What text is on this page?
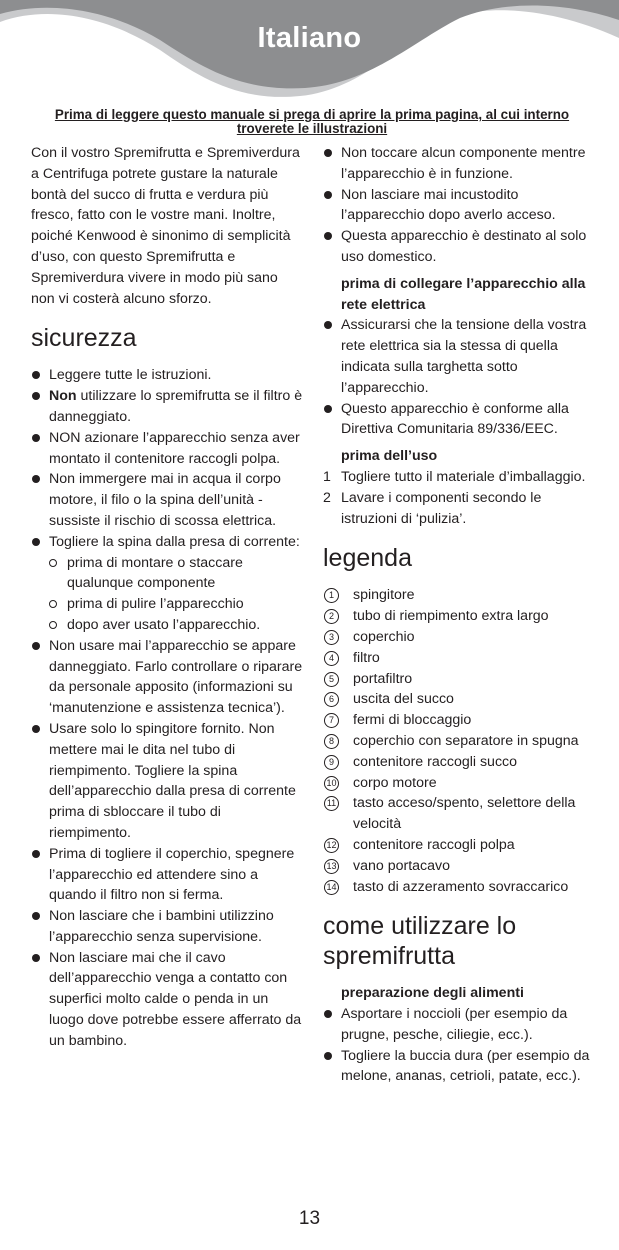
Italiano
Prima di leggere questo manuale si prega di aprire la prima pagina, al cui interno troverete le illustrazioni

Con il vostro Spremifrutta e Spremiverdura a Centrifuga potrete gustare la naturale bontà del succo di frutta e verdura più fresco, fatto con le vostre mani. Inoltre, poiché Kenwood è sinonimo di semplicità d’uso, con questo Spremifrutta e Spremiverdura vivere in modo più sano non vi costerà alcuno sforzo.

sicurezza
Leggere tutte le istruzioni.
Non utilizzare lo spremifrutta se il filtro è danneggiato.
NON azionare l’apparecchio senza aver montato il contenitore raccogli polpa.
Non immergere mai in acqua il corpo motore, il filo o la spina dell’unità - sussiste il rischio di scossa elettrica.
Togliere la spina dalla presa di corrente:
prima di montare o staccare qualunque componente
prima di pulire l’apparecchio
dopo aver usato l’apparecchio.
Non usare mai l’apparecchio se appare danneggiato. Farlo controllare o riparare da personale apposito (informazioni su ‘manutenzione e assistenza tecnica’).
Usare solo lo spingitore fornito. Non mettere mai le dita nel tubo di riempimento. Togliere la spina dell’apparecchio dalla presa di corrente prima di sbloccare il tubo di riempimento.
Prima di togliere il coperchio, spegnere l’apparecchio ed attendere sino a quando il filtro non si ferma.
Non lasciare che i bambini utilizzino l’apparecchio senza supervisione.
Non lasciare mai che il cavo dell’apparecchio venga a contatto con superfici molto calde o penda in un luogo dove potrebbe essere afferrato da un bambino.
Non toccare alcun componente mentre l’apparecchio è in funzione.
Non lasciare mai incustodito l’apparecchio dopo averlo acceso.
Questa apparecchio è destinato al solo uso domestico.
prima di collegare l’apparecchio alla rete elettrica
Assicurarsi che la tensione della vostra rete elettrica sia la stessa di quella indicata sulla targhetta sotto l’apparecchio.
Questo apparecchio è conforme alla Direttiva Comunitaria 89/336/EEC.
prima dell’uso
1 Togliere tutto il materiale d’imballaggio.
2 Lavare i componenti secondo le istruzioni di ‘pulizia’.
legenda
1	spingitore
2	tubo di riempimento extra largo
3	coperchio
4	filtro
5	portafiltro
6	uscita del succo
7	fermi di bloccaggio
8	coperchio con separatore in spugna
9	contenitore raccogli succo
10 corpo motore
11 tasto acceso/spento, selettore della velocità
12 contenitore raccogli polpa
13 vano portacavo
14 tasto di azzeramento sovraccarico
come utilizzare lo spremifrutta
preparazione degli alimenti
Asportare i noccioli (per esempio da prugne, pesche, ciliegie, ecc.).
Togliere la buccia dura (per esempio da melone, ananas, cetrioli, patate, ecc.).
13
